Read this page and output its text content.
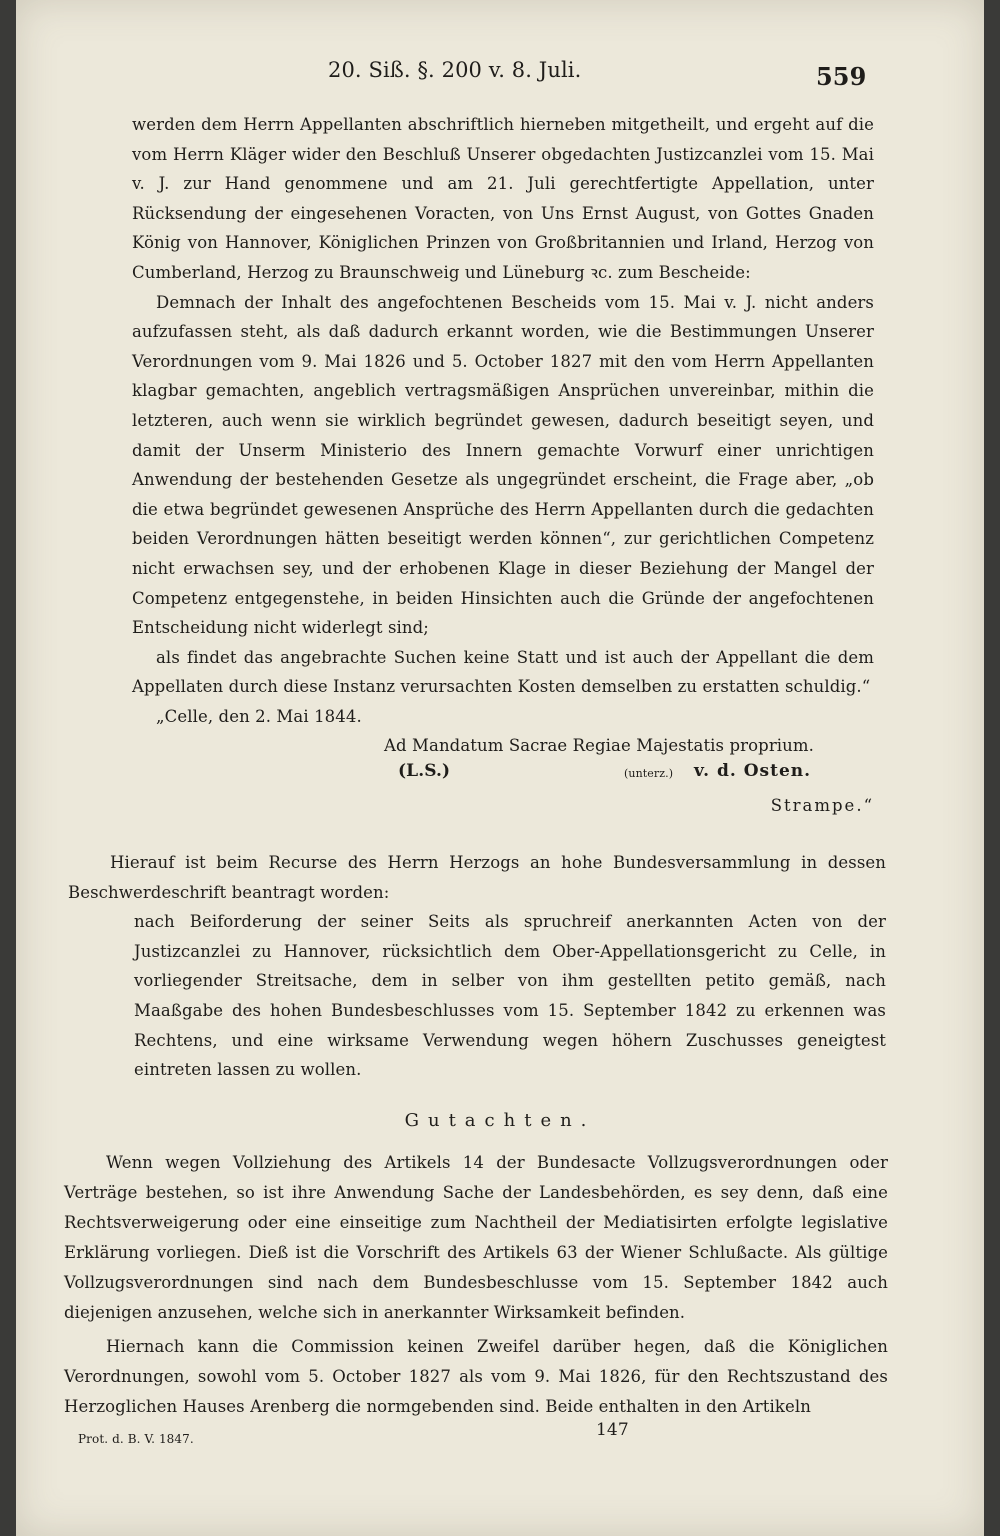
20. Siß. §. 200 v. 8. Juli.	559

werden dem Herrn Appellanten abschriftlich hierneben mitgetheilt, und ergeht auf die vom Herrn Kläger wider den Beschluß Unserer obgedachten Justizcanzlei vom 15. Mai v. J. zur Hand genommene und am 21. Juli gerechtfertigte Appellation, unter Rücksendung der eingesehenen Voracten, von Uns Ernst August, von Gottes Gnaden König von Hannover, Königlichen Prinzen von Großbritannien und Irland, Herzog von Cumberland, Herzog zu Braunschweig und Lüneburg ꝛc. zum Bescheide:

Demnach der Inhalt des angefochtenen Bescheids vom 15. Mai v. J. nicht anders aufzufassen steht, als daß dadurch erkannt worden, wie die Bestimmungen Unserer Verordnungen vom 9. Mai 1826 und 5. October 1827 mit den vom Herrn Appellanten klagbar gemachten, angeblich vertragsmäßigen Ansprüchen unvereinbar, mithin die letzteren, auch wenn sie wirklich begründet gewesen, dadurch beseitigt seyen, und damit der Unserm Ministerio des Innern gemachte Vorwurf einer unrichtigen Anwendung der bestehenden Gesetze als ungegründet erscheint, die Frage aber, „ob die etwa begründet gewesenen Ansprüche des Herrn Appellanten durch die gedachten beiden Verordnungen hätten beseitigt werden können“, zur gerichtlichen Competenz nicht erwachsen sey, und der erhobenen Klage in dieser Beziehung der Mangel der Competenz entgegenstehe, in beiden Hinsichten auch die Gründe der angefochtenen Entscheidung nicht widerlegt sind;

als findet das angebrachte Suchen keine Statt und ist auch der Appellant die dem Appellaten durch diese Instanz verursachten Kosten demselben zu erstatten schuldig.“

„Celle, den 2. Mai 1844.

Ad Mandatum Sacrae Regiae Majestatis proprium.
(L.S.)	(unterz.) v. d. Osten.
Strampe.“

Hierauf ist beim Recurse des Herrn Herzogs an hohe Bundesversammlung in dessen Beschwerdeschrift beantragt worden:

nach Beiforderung der seiner Seits als spruchreif anerkannten Acten von der Justizcanzlei zu Hannover, rücksichtlich dem Ober-Appellationsgericht zu Celle, in vorliegender Streitsache, dem in selber von ihm gestellten petito gemäß, nach Maaßgabe des hohen Bundesbeschlusses vom 15. September 1842 zu erkennen was Rechtens, und eine wirksame Verwendung wegen höhern Zuschusses geneigtest eintreten lassen zu wollen.

Gutachten.

Wenn wegen Vollziehung des Artikels 14 der Bundesacte Vollzugsverordnungen oder Verträge bestehen, so ist ihre Anwendung Sache der Landesbehörden, es sey denn, daß eine Rechtsverweigerung oder eine einseitige zum Nachtheil der Mediatisirten erfolgte legislative Erklärung vorliegen. Dieß ist die Vorschrift des Artikels 63 der Wiener Schlußacte. Als gültige Vollzugsverordnungen sind nach dem Bundesbeschlusse vom 15. September 1842 auch diejenigen anzusehen, welche sich in anerkannter Wirksamkeit befinden.

Hiernach kann die Commission keinen Zweifel darüber hegen, daß die Königlichen Verordnungen, sowohl vom 5. October 1827 als vom 9. Mai 1826, für den Rechtszustand des Herzoglichen Hauses Arenberg die normgebenden sind. Beide enthalten in den Artikeln

Prot. d. B. V. 1847.	147
